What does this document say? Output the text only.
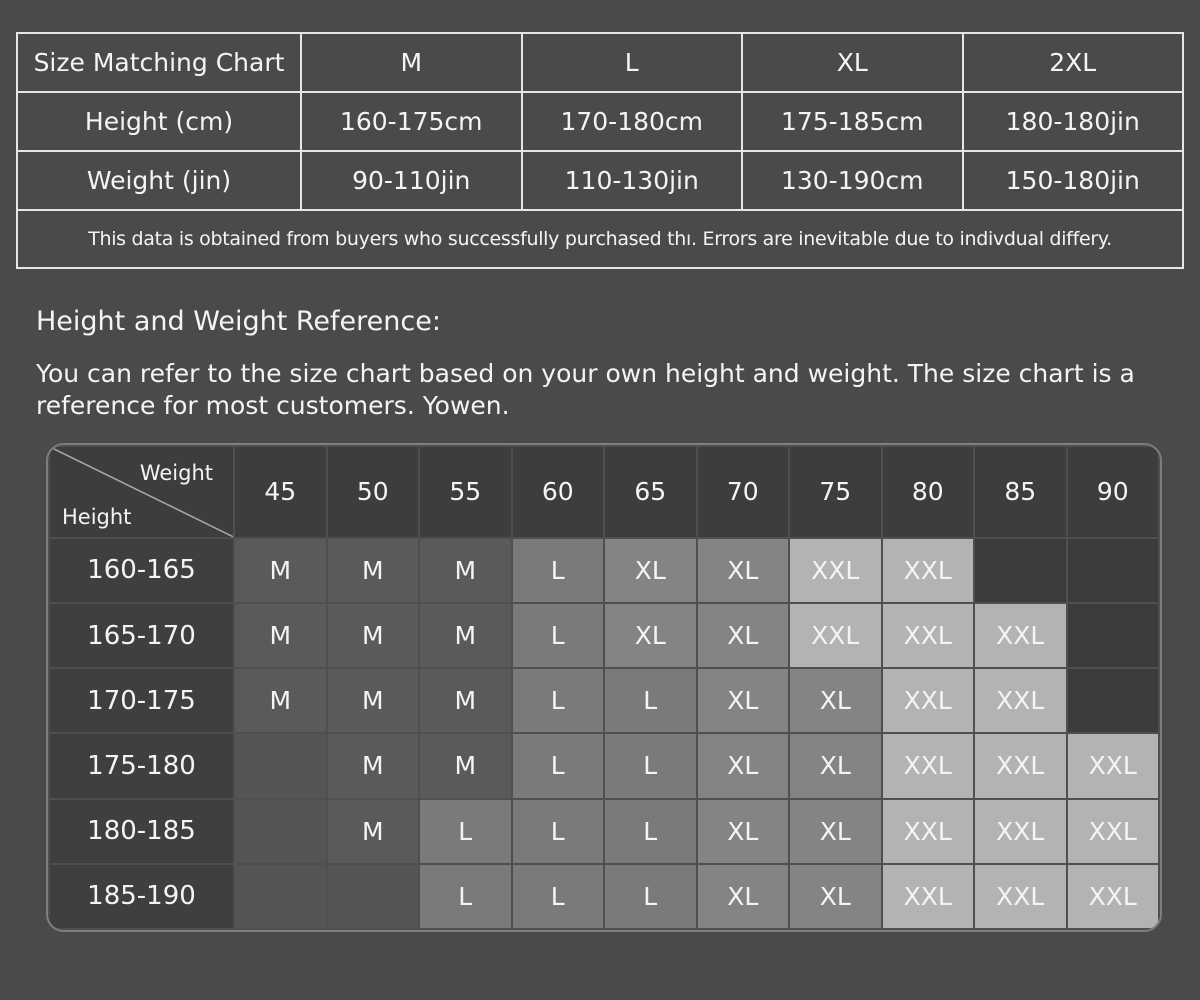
Size Matching Chart	M	L	XL	2XL
Height (cm)	160-175cm	170-180cm	175-185cm	180-180jin
Weight (jin)	90-110jin	110-130jin	130-190cm	150-180jin
This data is obtained from buyers who successfully purchased thı. Errors are inevitable due to indivdual differy.				
Height and Weight Reference:

You can refer to the size chart based on your own height and weight. The size chart is a reference for most customers. Yowen.

Weight
Height	45	50	55	60	65	70	75	80	85	90
160-165	M	M	M	L	XL	XL	XXL	XXL		
165-170	M	M	M	L	XL	XL	XXL	XXL	XXL	
170-175	M	M	M	L	L	XL	XL	XXL	XXL	
175-180		M	M	L	L	XL	XL	XXL	XXL	XXL
180-185		M	L	L	L	XL	XL	XXL	XXL	XXL
185-190			L	L	L	XL	XL	XXL	XXL	XXL
